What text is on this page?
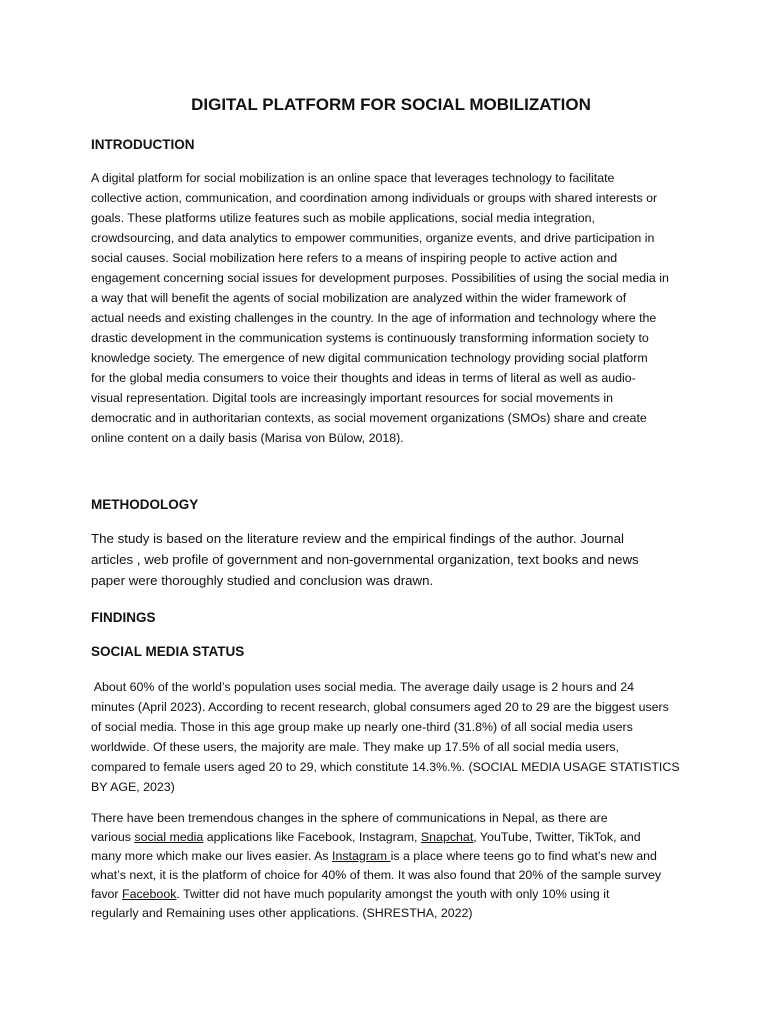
DIGITAL PLATFORM FOR SOCIAL MOBILIZATION
INTRODUCTION
A digital platform for social mobilization is an online space that leverages technology to facilitate
collective action, communication, and coordination among individuals or groups with shared interests or
goals. These platforms utilize features such as mobile applications, social media integration,
crowdsourcing, and data analytics to empower communities, organize events, and drive participation in
social causes. Social mobilization here refers to a means of inspiring people to active action and
engagement concerning social issues for development purposes. Possibilities of using the social media in
a way that will benefit the agents of social mobilization are analyzed within the wider framework of
actual needs and existing challenges in the country. In the age of information and technology where the
drastic development in the communication systems is continuously transforming information society to
knowledge society. The emergence of new digital communication technology providing social platform
for the global media consumers to voice their thoughts and ideas in terms of literal as well as audio-
visual representation. Digital tools are increasingly important resources for social movements in
democratic and in authoritarian contexts, as social movement organizations (SMOs) share and create
online content on a daily basis (Marisa von Bülow, 2018).
METHODOLOGY
The study is based on the literature review and the empirical findings of the author. Journal
articles , web profile of government and non-governmental organization, text books and news
paper were thoroughly studied and conclusion was drawn.
FINDINGS
SOCIAL MEDIA STATUS
About 60% of the world’s population uses social media. The average daily usage is 2 hours and 24
minutes (April 2023). According to recent research, global consumers aged 20 to 29 are the biggest users
of social media. Those in this age group make up nearly one-third (31.8%) of all social media users
worldwide. Of these users, the majority are male. They make up 17.5% of all social media users,
compared to female users aged 20 to 29, which constitute 14.3%.%. (SOCIAL MEDIA USAGE STATISTICS
BY AGE, 2023)
There have been tremendous changes in the sphere of communications in Nepal, as there are
various social media applications like Facebook, Instagram, Snapchat, YouTube, Twitter, TikTok, and
many more which make our lives easier. As Instagram is a place where teens go to find what’s new and
what’s next, it is the platform of choice for 40% of them. It was also found that 20% of the sample survey
favor Facebook. Twitter did not have much popularity amongst the youth with only 10% using it
regularly and Remaining uses other applications. (SHRESTHA, 2022)
